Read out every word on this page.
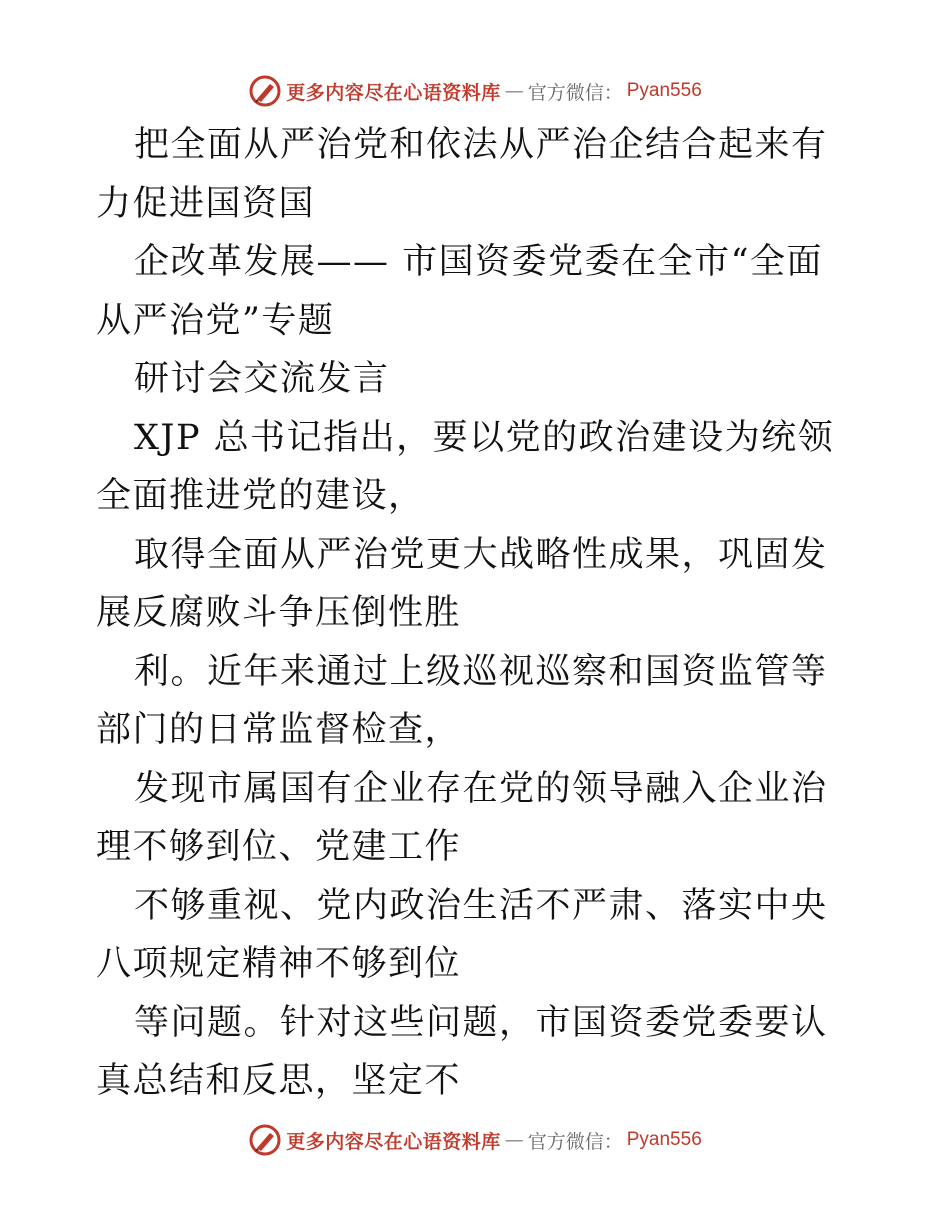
更多内容尽在心语资料库 — 官方微信： Pyan556

把全面从严治党和依法从严治企结合起来有力促进国资国

企改革发展—— 市国资委党委在全市“全面从严治党”专题

研讨会交流发言

XJP 总书记指出，要以党的政治建设为统领全面推进党的建设，

取得全面从严治党更大战略性成果，巩固发展反腐败斗争压倒性胜

利。近年来通过上级巡视巡察和国资监管等部门的日常监督检查，

发现市属国有企业存在党的领导融入企业治理不够到位、党建工作

不够重视、党内政治生活不严肃、落实中央八项规定精神不够到位

等问题。针对这些问题，市国资委党委要认真总结和反思，坚定不

更多内容尽在心语资料库 — 官方微信： Pyan556
